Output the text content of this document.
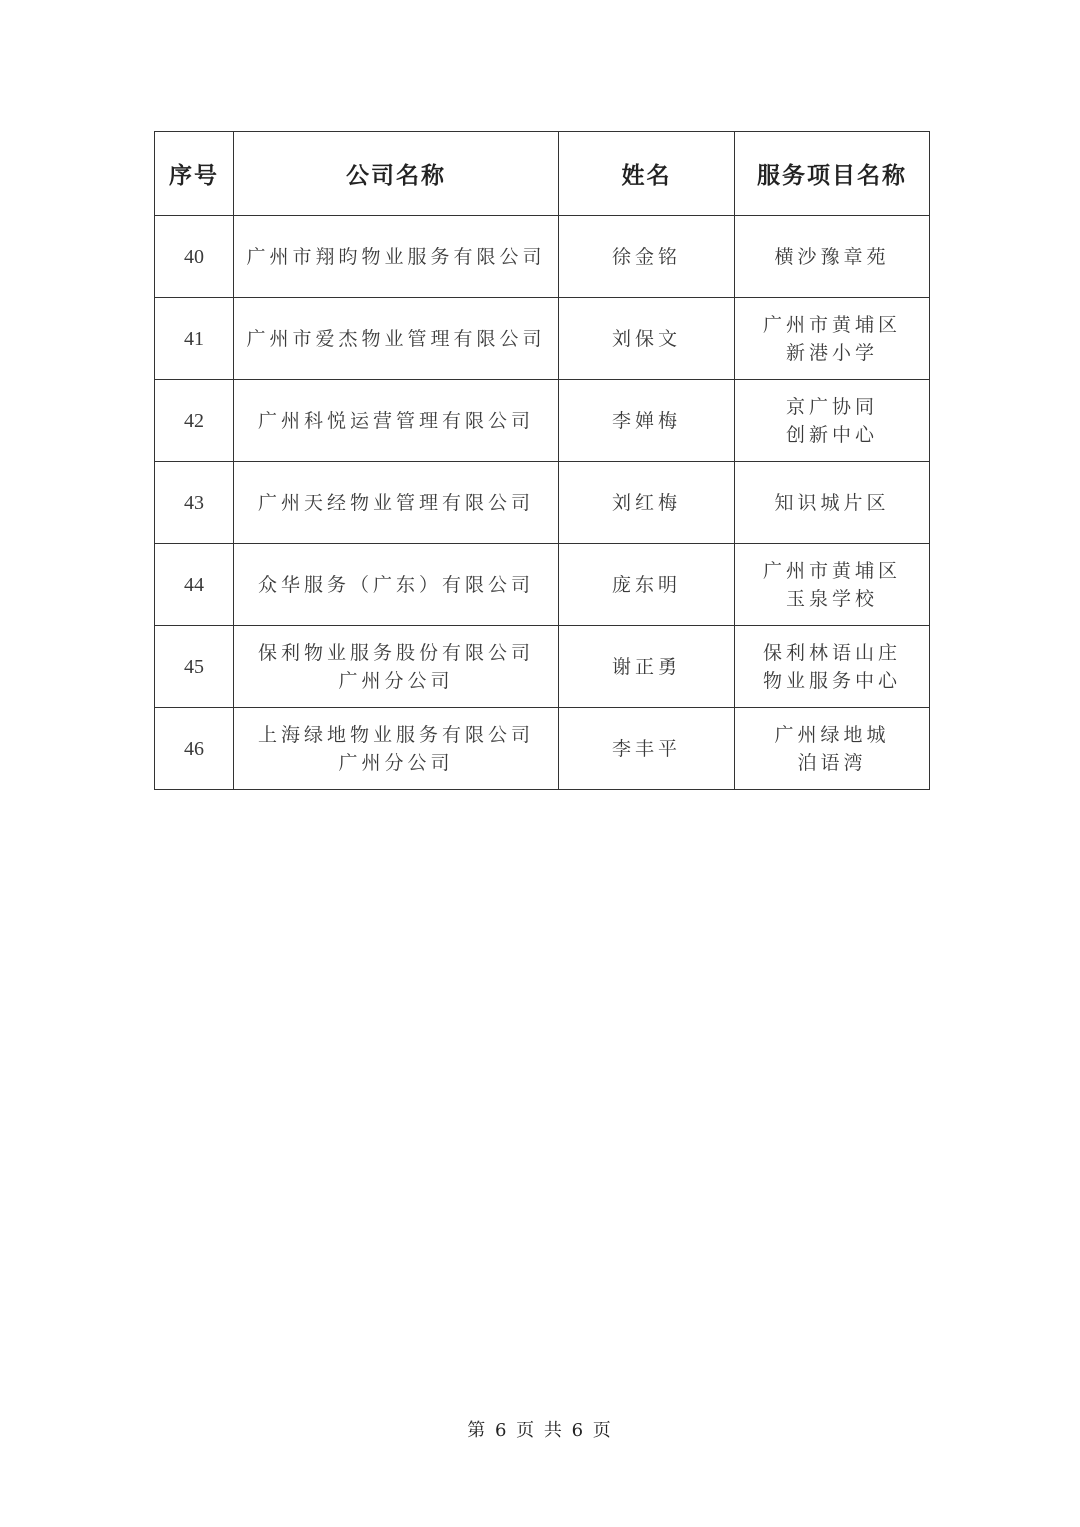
序号	公司名称	姓名	服务项目名称
40	广州市翔昀物业服务有限公司	徐金铭	横沙豫章苑

41	广州市爱杰物业管理有限公司	刘保文	广州市黄埔区
新港小学

42	广州科悦运营管理有限公司	李婵梅	京广协同
创新中心

43	广州天经物业管理有限公司	刘红梅	知识城片区

44	众华服务（广东）有限公司	庞东明	广州市黄埔区
玉泉学校

45	保利物业服务股份有限公司
广州分公司	谢正勇	保利林语山庄
物业服务中心

46	上海绿地物业服务有限公司
广州分公司	李丰平	广州绿地城
泊语湾
第 6 页 共 6 页
